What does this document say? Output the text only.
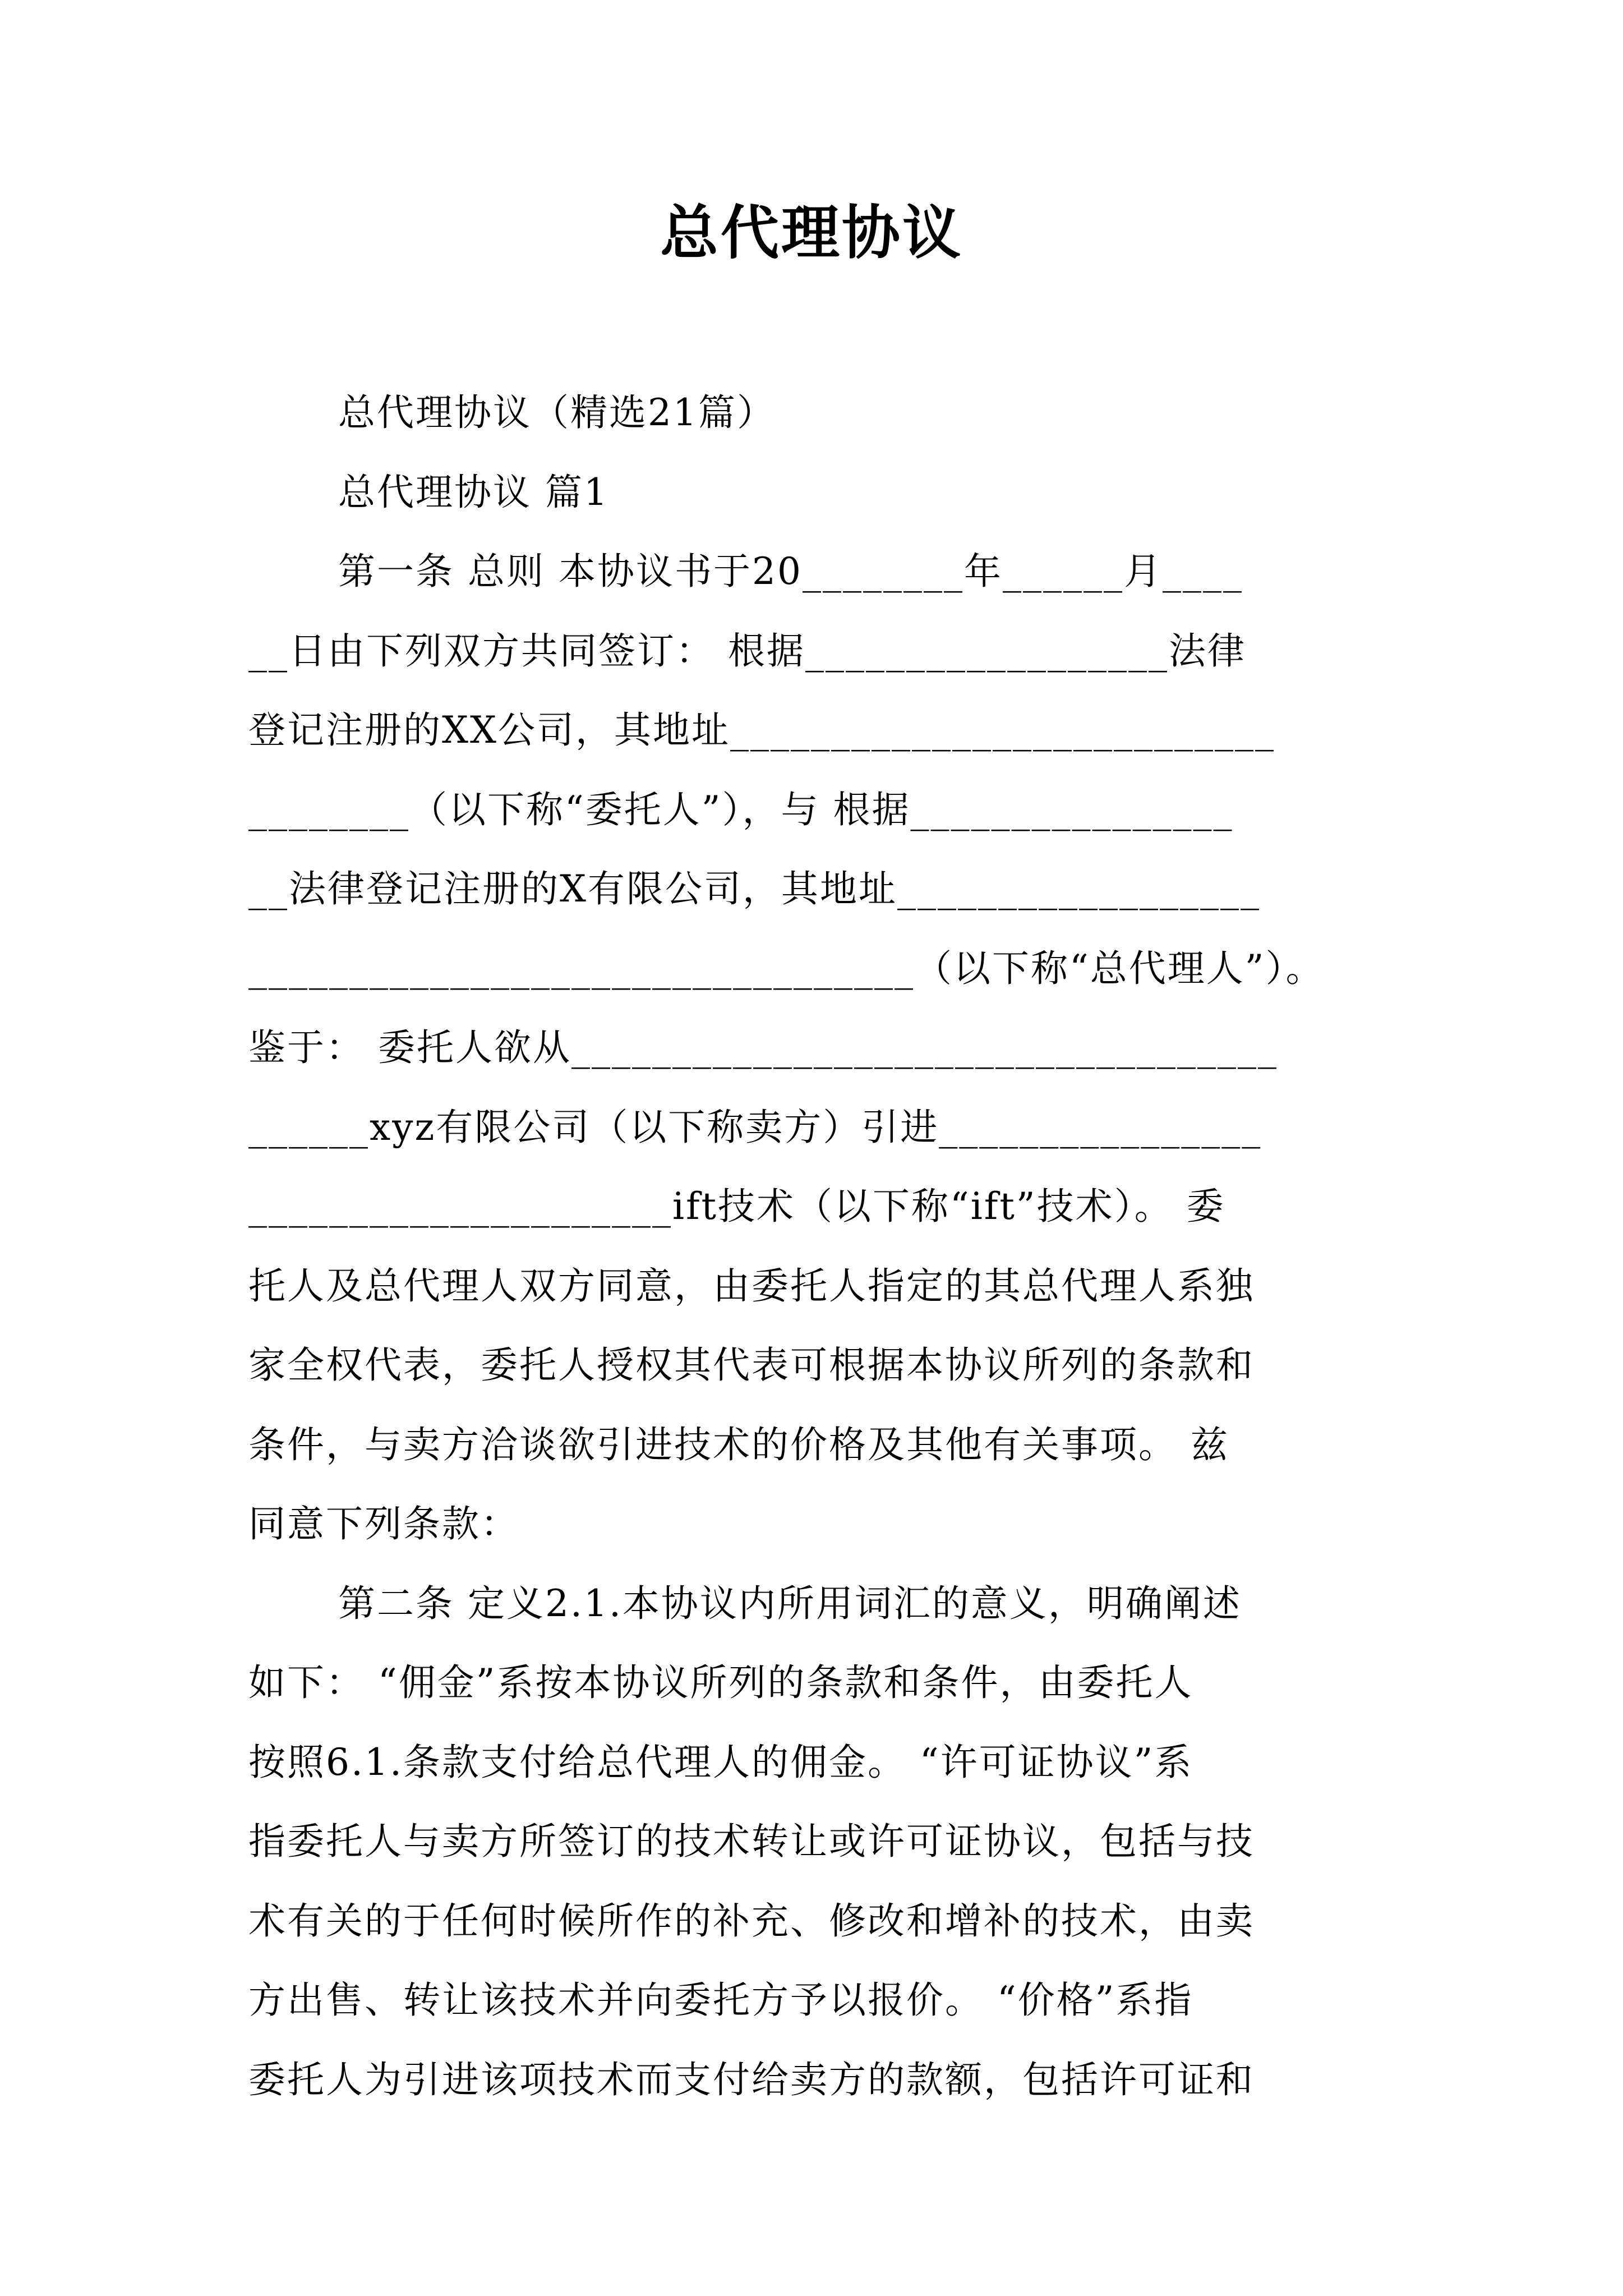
总代理协议
总代理协议（精选21篇）
总代理协议 篇1
第一条 总则 本协议书于20________年______月____
__日由下列双方共同签订： 根据__________________法律
登记注册的XX公司，其地址___________________________
________（以下称“委托人”），与 根据________________
__法律登记注册的X有限公司，其地址__________________
_________________________________（以下称“总代理人”）。
鉴于： 委托人欲从___________________________________
______xyz有限公司（以下称卖方）引进________________
_____________________ift技术（以下称“ift”技术）。 委
托人及总代理人双方同意，由委托人指定的其总代理人系独
家全权代表，委托人授权其代表可根据本协议所列的条款和
条件，与卖方洽谈欲引进技术的价格及其他有关事项。 兹
同意下列条款：
第二条 定义2.1.本协议内所用词汇的意义，明确阐述
如下： “佣金”系按本协议所列的条款和条件，由委托人
按照6.1.条款支付给总代理人的佣金。 “许可证协议”系
指委托人与卖方所签订的技术转让或许可证协议，包括与技
术有关的于任何时候所作的补充、修改和增补的技术，由卖
方出售、转让该技术并向委托方予以报价。 “价格”系指
委托人为引进该项技术而支付给卖方的款额，包括许可证和
